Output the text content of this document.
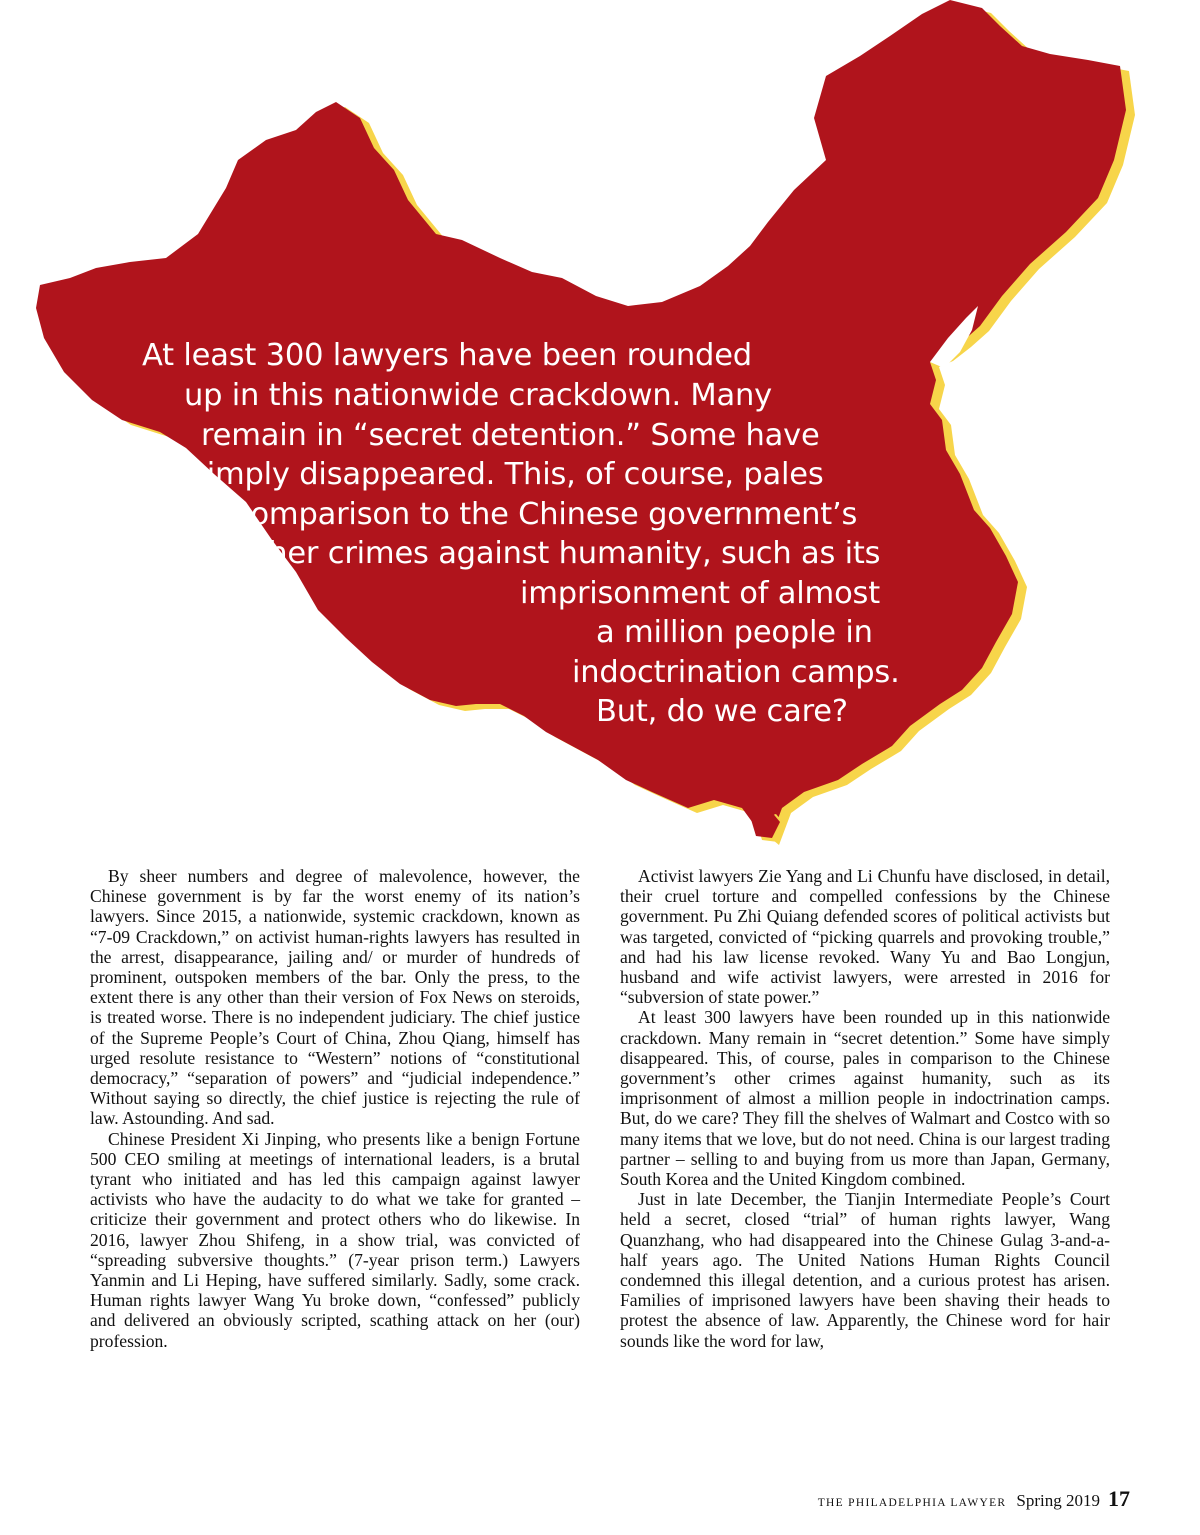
At least 300 lawyers have been rounded
up in this nationwide crackdown. Many
remain in “secret detention.” Some have
simply disappeared. This, of course, pales
in comparison to the Chinese government’s
other crimes against humanity, such as its
imprisonment of almost
a million people in
indoctrination camps.
But, do we care?

By sheer numbers and degree of malevolence, however, the Chinese government is by far the worst enemy of its nation’s lawyers. Since 2015, a nationwide, systemic crackdown, known as “7-09 Crackdown,” on activist human-rights lawyers has resulted in the arrest, disappearance, jailing and/ or murder of hundreds of prominent, outspoken members of the bar. Only the press, to the extent there is any other than their version of Fox News on steroids, is treated worse. There is no independent judiciary. The chief justice of the Supreme People’s Court of China, Zhou Qiang, himself has urged resolute resistance to “Western” notions of “constitutional democracy,” “separation of powers” and “judicial independence.” Without saying so directly, the chief justice is rejecting the rule of law. Astounding. And sad.

Chinese President Xi Jinping, who presents like a benign Fortune 500 CEO smiling at meetings of international leaders, is a brutal tyrant who initiated and has led this campaign against lawyer activists who have the audacity to do what we take for granted – criticize their government and protect others who do likewise. In 2016, lawyer Zhou Shifeng, in a show trial, was convicted of “spreading subversive thoughts.” (7-year prison term.) Lawyers Yanmin and Li Heping, have suffered similarly. Sadly, some crack. Human rights lawyer Wang Yu broke down, “confessed” publicly and delivered an obviously scripted, scathing attack on her (our) profession.

Activist lawyers Zie Yang and Li Chunfu have disclosed, in detail, their cruel torture and compelled confessions by the Chinese government. Pu Zhi Quiang defended scores of political activists but was targeted, convicted of “picking quarrels and provoking trouble,” and had his law license revoked. Wany Yu and Bao Longjun, husband and wife activist lawyers, were arrested in 2016 for “subversion of state power.”

At least 300 lawyers have been rounded up in this nationwide crackdown. Many remain in “secret detention.” Some have simply disappeared. This, of course, pales in comparison to the Chinese government’s other crimes against humanity, such as its imprisonment of almost a million people in indoctrination camps. But, do we care? They fill the shelves of Walmart and Costco with so many items that we love, but do not need. China is our largest trading partner – selling to and buying from us more than Japan, Germany, South Korea and the United Kingdom combined.

Just in late December, the Tianjin Intermediate People’s Court held a secret, closed “trial” of human rights lawyer, Wang Quanzhang, who had disappeared into the Chinese Gulag 3-and-a-half years ago. The United Nations Human Rights Council condemned this illegal detention, and a curious protest has arisen. Families of imprisoned lawyers have been shaving their heads to protest the absence of law. Apparently, the Chinese word for hair sounds like the word for law,

THE PHILADELPHIA LAWYER Spring 2019 17
